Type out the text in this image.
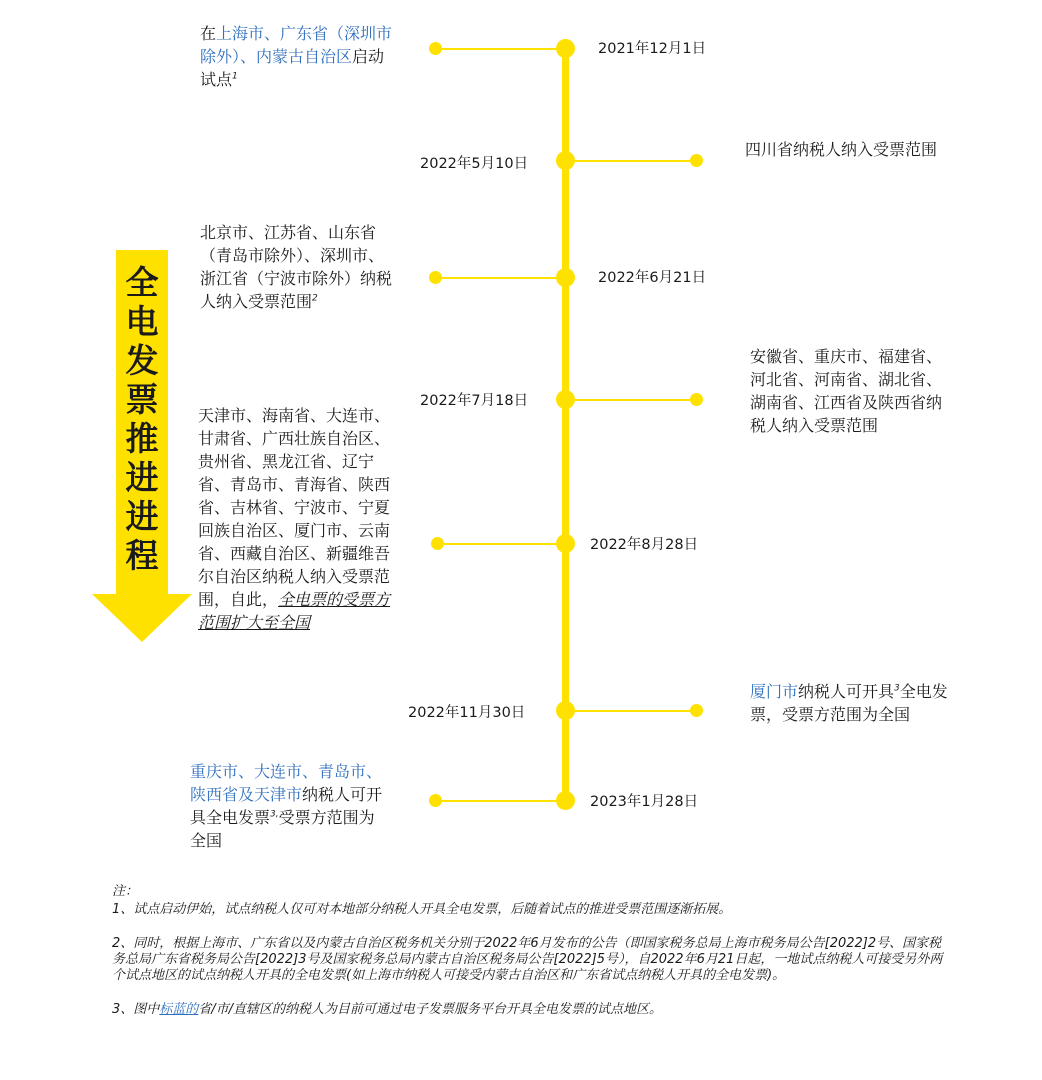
全
电
发
票
推
进
进
程
2021年12月1日
在上海市、广东省（深圳市除外）、内蒙古自治区启动试点$^1$
2022年5月10日
四川省纳税人纳入受票范围
2022年6月21日
北京市、江苏省、山东省（青岛市除外）、深圳市、浙江省（宁波市除外）纳税人纳入受票范围$^2$
2022年7月18日
安徽省、重庆市、福建省、河北省、河南省、湖北省、湖南省、江西省及陕西省纳税人纳入受票范围
2022年8月28日
天津市、海南省、大连市、甘肃省、广西壮族自治区、贵州省、黑龙江省、辽宁省、青岛市、青海省、陕西省、吉林省、宁波市、宁夏回族自治区、厦门市、云南省、西藏自治区、新疆维吾尔自治区纳税人纳入受票范围，自此，全电票的受票方范围扩大至全国
2022年11月30日
厦门市纳税人可开具$^3$全电发票，受票方范围为全国
2023年1月28日
重庆市、大连市、青岛市、陕西省及天津市纳税人可开具全电发票$^{3,}$受票方范围为全国

注：

1、试点启动伊始，试点纳税人仅可对本地部分纳税人开具全电发票，后随着试点的推进受票范围逐渐拓展。

2、同时，根据上海市、广东省以及内蒙古自治区税务机关分别于2022年6月发布的公告（即国家税务总局上海市税务局公告[2022]2号、国家税务总局广东省税务局公告[2022]3号及国家税务总局内蒙古自治区税务局公告[2022]5号），自2022年6月21日起，一地试点纳税人可接受另外两个试点地区的试点纳税人开具的全电发票(如上海市纳税人可接受内蒙古自治区和广东省试点纳税人开具的全电发票)。

3、图中标蓝的省/市/直辖区的纳税人为目前可通过电子发票服务平台开具全电发票的试点地区。
